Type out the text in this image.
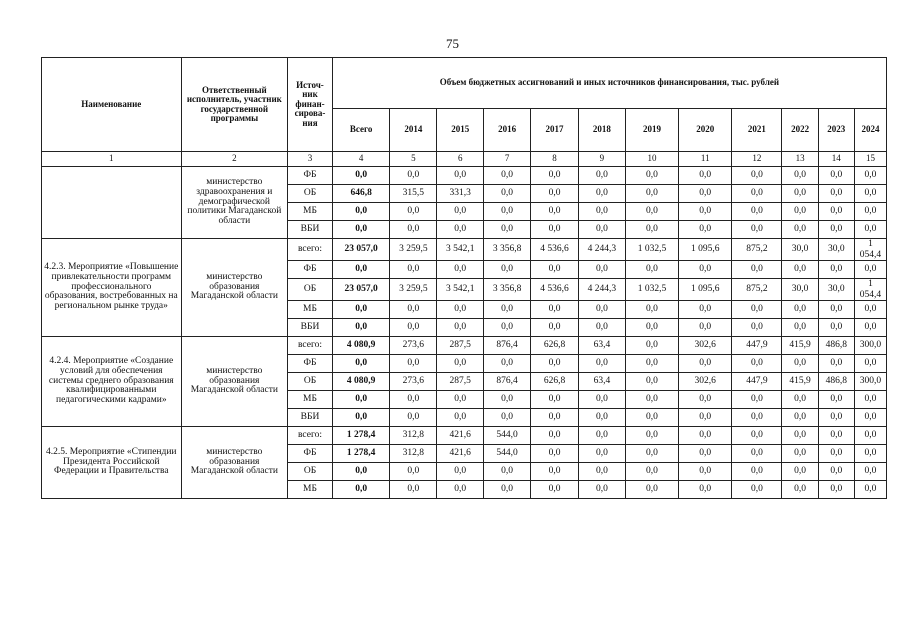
75
Наименование	Ответственный исполнитель, участник государственной программы	Источ-
ник
финан-
сирова-
ния	Объем бюджетных ассигнований и иных источников финансирования, тыс. рублей											
			Всего	2014	2015	2016	2017	2018	2019	2020	2021	2022	2023	2024
1	2	3	4	5	6	7	8	9	10	11	12	13	14	15
	министерство здравоохранения и демографической политики Магаданской области	ФБ	0,0	0,0	0,0	0,0	0,0	0,0	0,0	0,0	0,0	0,0	0,0	0,0
		ОБ	646,8	315,5	331,3	0,0	0,0	0,0	0,0	0,0	0,0	0,0	0,0	0,0
		МБ	0,0	0,0	0,0	0,0	0,0	0,0	0,0	0,0	0,0	0,0	0,0	0,0
		ВБИ	0,0	0,0	0,0	0,0	0,0	0,0	0,0	0,0	0,0	0,0	0,0	0,0
4.2.3. Мероприятие «Повышение привлекательности программ профессионального образования, востребованных на региональном рынке труда»	министерство образования Магаданской области	всего:	23 057,0	3 259,5	3 542,1	3 356,8	4 536,6	4 244,3	1 032,5	1 095,6	875,2	30,0	30,0	1 054,4
		ФБ	0,0	0,0	0,0	0,0	0,0	0,0	0,0	0,0	0,0	0,0	0,0	0,0
		ОБ	23 057,0	3 259,5	3 542,1	3 356,8	4 536,6	4 244,3	1 032,5	1 095,6	875,2	30,0	30,0	1 054,4
		МБ	0,0	0,0	0,0	0,0	0,0	0,0	0,0	0,0	0,0	0,0	0,0	0,0
		ВБИ	0,0	0,0	0,0	0,0	0,0	0,0	0,0	0,0	0,0	0,0	0,0	0,0
4.2.4. Мероприятие «Создание условий для обеспечения системы среднего образования квалифицированными педагогическими кадрами»	министерство образования Магаданской области	всего:	4 080,9	273,6	287,5	876,4	626,8	63,4	0,0	302,6	447,9	415,9	486,8	300,0
		ФБ	0,0	0,0	0,0	0,0	0,0	0,0	0,0	0,0	0,0	0,0	0,0	0,0
		ОБ	4 080,9	273,6	287,5	876,4	626,8	63,4	0,0	302,6	447,9	415,9	486,8	300,0
		МБ	0,0	0,0	0,0	0,0	0,0	0,0	0,0	0,0	0,0	0,0	0,0	0,0
		ВБИ	0,0	0,0	0,0	0,0	0,0	0,0	0,0	0,0	0,0	0,0	0,0	0,0
4.2.5. Мероприятие «Стипендии Президента Российской Федерации и Правительства	министерство образования Магаданской области	всего:	1 278,4	312,8	421,6	544,0	0,0	0,0	0,0	0,0	0,0	0,0	0,0	0,0
		ФБ	1 278,4	312,8	421,6	544,0	0,0	0,0	0,0	0,0	0,0	0,0	0,0	0,0
		ОБ	0,0	0,0	0,0	0,0	0,0	0,0	0,0	0,0	0,0	0,0	0,0	0,0
		МБ	0,0	0,0	0,0	0,0	0,0	0,0	0,0	0,0	0,0	0,0	0,0	0,0
